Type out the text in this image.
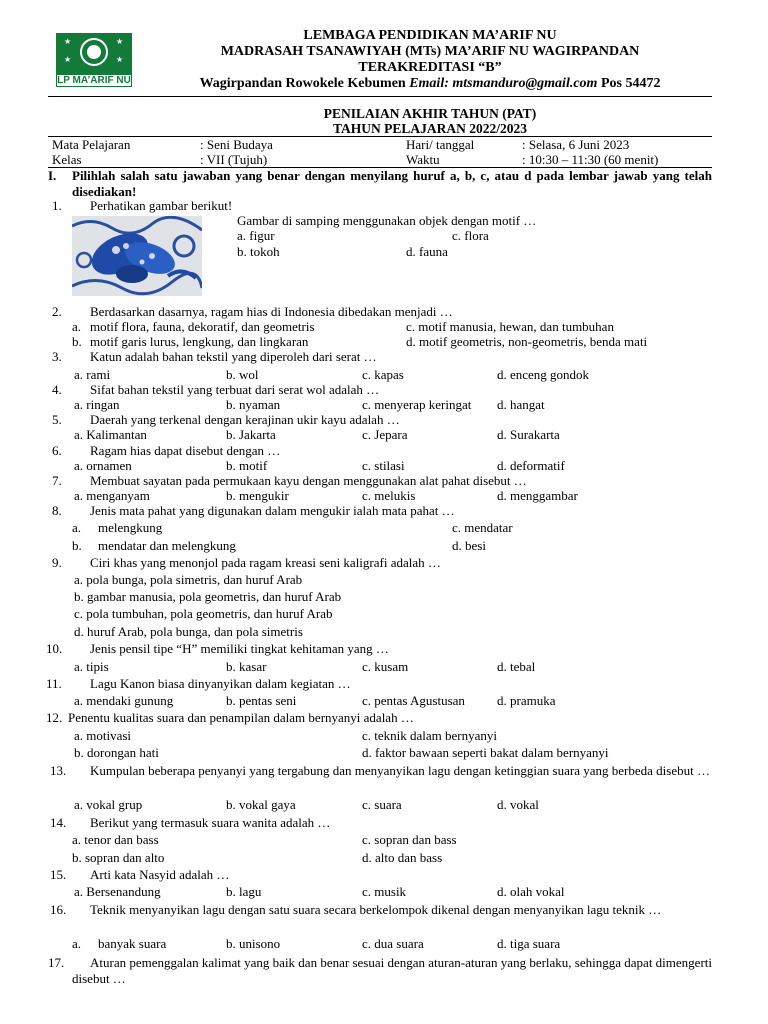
★	★
★	★
LP MA’ARIF NU
LEMBAGA PENDIDIKAN MA’ARIF NU
MADRASAH TSANAWIYAH (MTs) MA’ARIF NU WAGIRPANDAN
TERAKREDITASI “B”
Wagirpandan Rowokele Kebumen Email: mtsmanduro@gmail.com Pos 54472
PENILAIAN AKHIR TAHUN (PAT)
TAHUN PELAJARAN 2022/2023
Mata Pelajaran	: Seni Budaya	Hari/ tanggal	: Selasa, 6 Juni 2023
Kelas	: VII (Tujuh)	Waktu	: 10:30 – 11:30 (60 menit)
I. Pilihlah salah satu jawaban yang benar dengan menyilang huruf a, b, c, atau d pada lembar jawab yang telah disediakan!
1. Perhatikan gambar berikut!
Gambar di samping menggunakan objek dengan motif …
a. figur	c. flora
b. tokoh	d. fauna
2. Berdasarkan dasarnya, ragam hias di Indonesia dibedakan menjadi …
a. motif flora, fauna, dekoratif, dan geometris	c. motif manusia, hewan, dan tumbuhan
b. motif garis lurus, lengkung, dan lingkaran	d. motif geometris, non-geometris, benda mati
3. Katun adalah bahan tekstil yang diperoleh dari serat …
a. rami	b. wol	c. kapas	d. enceng gondok
4. Sifat bahan tekstil yang terbuat dari serat wol adalah …
a. ringan	b. nyaman	c. menyerap keringat d. hangat
5. Daerah yang terkenal dengan kerajinan ukir kayu adalah …
a. Kalimantan	b. Jakarta	c. Jepara	d. Surakarta
6. Ragam hias dapat disebut dengan …
a. ornamen	b. motif	c. stilasi	d. deformatif
7. Membuat sayatan pada permukaan kayu dengan menggunakan alat pahat disebut …
a. menganyam	b. mengukir	c. melukis	d. menggambar
8. Jenis mata pahat yang digunakan dalam mengukir ialah mata pahat …
a. melengkung	c. mendatar
b. mendatar dan melengkung	d. besi
9. Ciri khas yang menonjol pada ragam kreasi seni kaligrafi adalah …
a. pola bunga, pola simetris, dan huruf Arab
b. gambar manusia, pola geometris, dan huruf Arab
c. pola tumbuhan, pola geometris, dan huruf Arab
d. huruf Arab, pola bunga, dan pola simetris
10. Jenis pensil tipe “H” memiliki tingkat kehitaman yang …
a. tipis	b. kasar	c. kusam	d. tebal
11. Lagu Kanon biasa dinyanyikan dalam kegiatan …
a. mendaki gunung	b. pentas seni	c. pentas Agustusan d. pramuka
12. Penentu kualitas suara dan penampilan dalam bernyanyi adalah …
a. motivasi	c. teknik dalam bernyanyi
b. dorongan hati	d. faktor bawaan seperti bakat dalam bernyanyi
13.	Kumpulan beberapa penyanyi yang tergabung dan menyanyikan lagu dengan ketinggian suara yang berbeda disebut …
a. vokal grup	b. vokal gaya	c. suara	d. vokal
14. Berikut yang termasuk suara wanita adalah …
a. tenor dan bass	c. sopran dan bass
b. sopran dan alto	d. alto dan bass
15. Arti kata Nasyid adalah …
a. Bersenandung	b. lagu	c. musik	d. olah vokal
16.	Teknik menyanyikan lagu dengan satu suara secara berkelompok dikenal dengan menyanyikan lagu teknik …
a. banyak suara	b. unisono	c. dua suara	d. tiga suara
17.	Aturan pemenggalan kalimat yang baik dan benar sesuai dengan aturan-aturan yang berlaku, sehingga dapat dimengerti disebut …
